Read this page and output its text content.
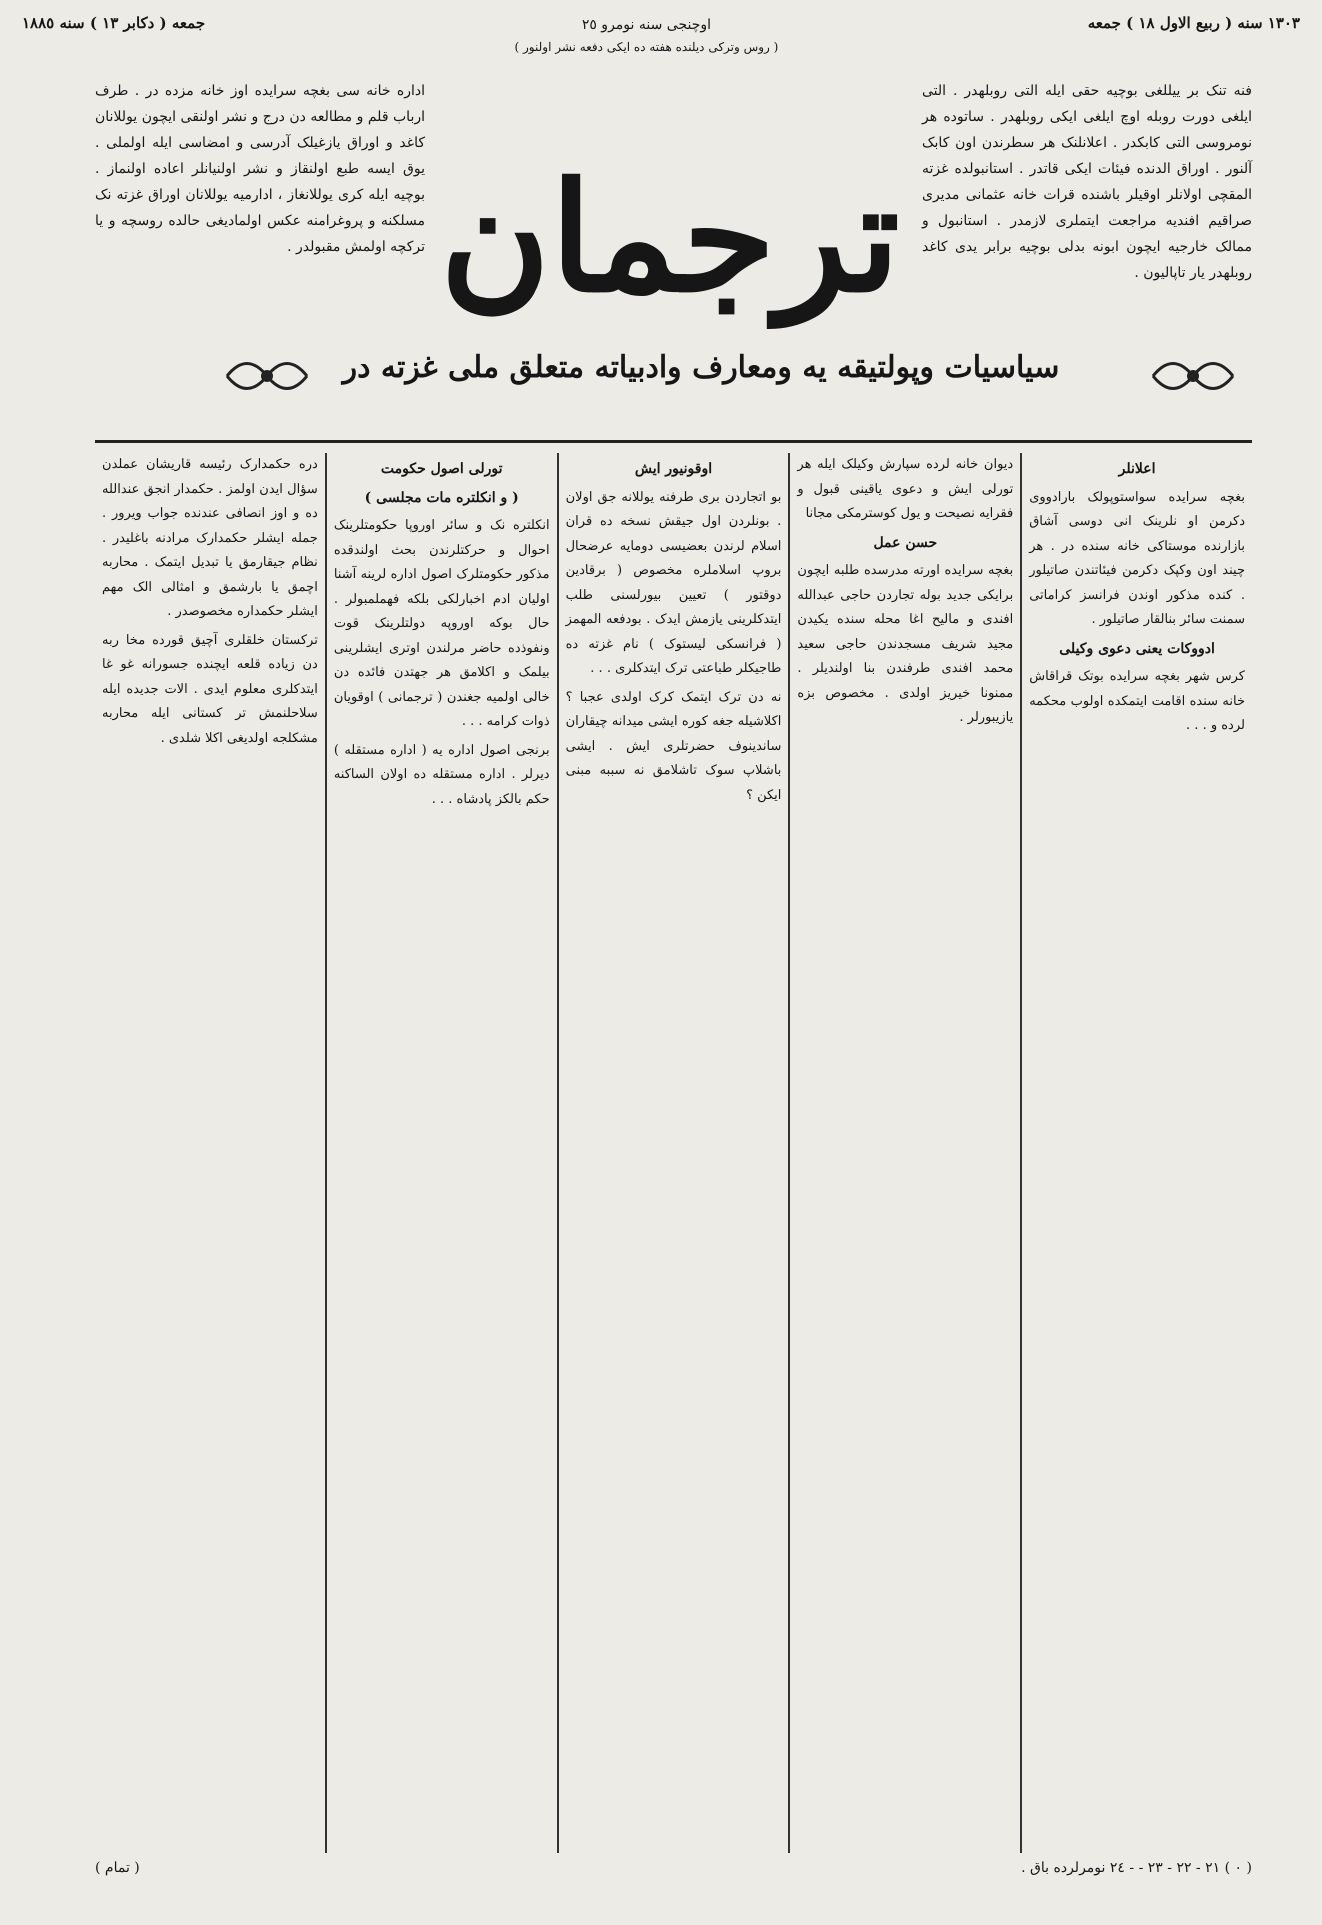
١٣٠٣ سنه ( ربيع الاول ١٨ ) جمعه
اوچنجی سنه نومرو ٢٥
( روس وترکی دیلنده هفته ده ایکی دفعه نشر اولنور )
جمعه ( دکابر ١٣ ) سنه ١٨٨٥
فنه تنک بر ییللغی بوچیه حقی ایله التی روبلهدر . التی ایلغی دورت روبله اوچ ایلغی ایکی روبلهدر . ساتوده هر نومروسی التی کابکدر . اعلانلنک هر سطرندن اون کابک آلنور . اوراق الدنده فیئات ایکی قاتدر . استانبولده غزته المقچی اولانلر اوقیلر باشنده قرات خانه عثمانی مدیری صراقیم افندیه مراجعت ایتملری لازمدر . استانبول و ممالک خارجیه ایچون ابونه بدلی بوچیه برابر یدی کاغد روبلهدر یار تاپالیون .
اداره خانه سی بغچه سرایده اوز خانه مزده در . طرف ارباب قلم و مطالعه دن درج و نشر اولنقی ایچون یوللانان کاغد و اوراق یازغیلک آدرسی و امضاسی ایله اولملی . یوق ایسه طبع اولنقاز و نشر اولنیانلر اعاده اولنماز . بوچیه ایله کری یوللانغاز ، ادارمیه یوللانان اوراق غزته نک مسلکنه و پروغرامنه عکس اولمادیغی حالده روسچه و یا ترکچه اولمش مقبولدر . ترجمان
سیاسیات وپولتیقه یه ومعارف وادبیاته متعلق ملی غزته در
اعلانلر

بغچه سرایده سواستوپولک بارادووی دکرمن او نلرینک انی دوسی آشاق بازارنده موستاکی خانه سنده در . هر چیند اون وکپک دکرمن فیئاتندن صاتیلور . کنده مذکور اوندن فرانسز کراماتی سمنت سائر بنالقار صاتیلور .

ادووکات یعنی دعوی وکیلی

کرس شهر بغچه سرایده بوتک قراقاش خانه سنده اقامت ایتمکده اولوب محکمه لرده و . . .

دیوان خانه لرده سپارش وکیلک ایله هر تورلی ایش و دعوی یاقینی قبول و فقرایه نصیحت و یول کوسترمکی مجانا

حسن عمل

بغچه سرایده اورته مدرسده طلبه ایچون برایکی جدید بوله تجاردن حاجی عبدالله افندی و مالیح اغا محله سنده یکیدن مجید شریف مسجدندن حاجی سعید محمد افندی طرفندن بنا اولندیلر . ممنونا خیریز اولدی . مخصوص بزه یازیبورلر .

اوقونیور ایش

بو اتجاردن بری طرفنه یوللانه جق اولان . بونلردن اول جیقش نسخه ده قران اسلام لرندن بعضیسی دومایه عرضحال بروپ اسلاملره مخصوص ( برقادین دوقتور ) تعیین بیورلسنی طلب ایتدکلرینی یازمش ایدک . بودفعه المهمز ( فرانسکی لیستوک ) نام غزته ده طاجیکلر طباعتی ترک ایتدکلری . . .

نه دن ترک ایتمک کرک اولدی عجبا ؟ اکلاشیله جغه کوره ایشی میدانه چیقاران ساندینوف حضرتلری ایش . ایشی باشلاپ سوک تاشلامق نه سببه مبنی ایکن ؟

تورلی اصول حکومت
( و انکلتره مات مجلسی )

انکلتره نک و سائر اوروپا حکومتلرینک احوال و حرکتلرندن بحث اولندقده مذکور حکومتلرک اصول اداره لرینه آشنا اولیان ادم اخبارلکی بلکه فهملمبولر . حال بوکه اوروپه دولتلرینک قوت ونفوذده حاضر مرلندن اوتری ایشلرینی بیلمک و اکلامق هر جهتدن فائده دن خالی اولمیه جغندن ( ترجمانی ) اوقویان ذوات کرامه . . .

برنجی اصول اداره یه ( اداره مستقله ) دیرلر . اداره مستقله ده اولان الساکنه حکم بالکز پادشاه . . .

دره حکمدارک رئیسه قاریشان عملدن سؤال ایدن اولمز . حکمدار انجق عندالله ده و اوز انصافی عندنده جواب ویرور . جمله ایشلر حکمدارک مرادنه باغلیدر . نظام جیقارمق یا تبدیل ایتمک . محاربه اچمق یا بارشمق و امثالی الک مهم ایشلر حکمداره مخصوصدر .

ترکستان خلقلری آچیق قورده مخا ربه دن زیاده قلعه ایچنده جسورانه غو غا ایتدکلری معلوم ایدی . الات جدیده ایله سلاحلنمش تر کستانی ایله محاربه مشکلجه اولدیغی اکلا شلدی .

( ٠ ) ٢١ - ٢٢ - ٢٣ - - ٢٤ نومرلرده باق .
( تمام )
